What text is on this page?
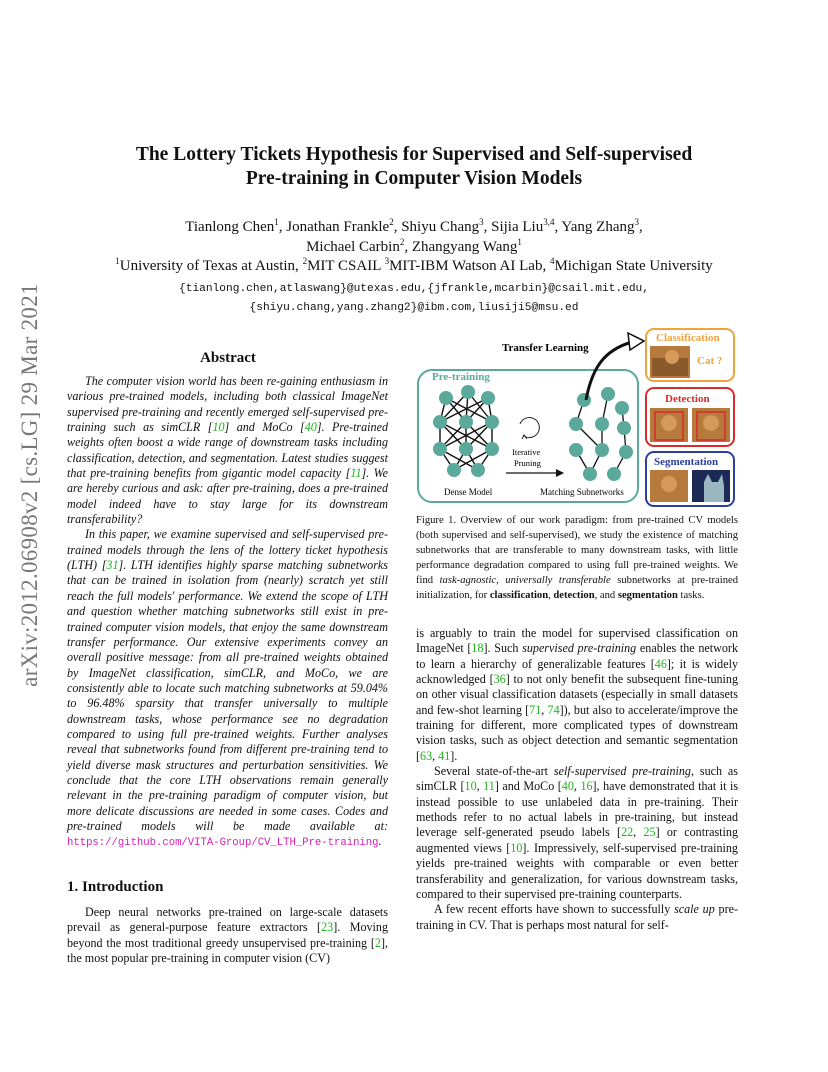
arXiv:2012.06908v2 [cs.LG] 29 Mar 2021
The Lottery Tickets Hypothesis for Supervised and Self-supervised
Pre-training in Computer Vision Models
Tianlong Chen$^1$, Jonathan Frankle$^2$, Shiyu Chang$^3$, Sijia Liu$^{3,4}$, Yang Zhang$^3$,
Michael Carbin$^2$, Zhangyang Wang$^1$
$^1$University of Texas at Austin, $^2$MIT CSAIL $^3$MIT-IBM Watson AI Lab, $^4$Michigan State University
{tianlong.chen,atlaswang}@utexas.edu,{jfrankle,mcarbin}@csail.mit.edu,
{shiyu.chang,yang.zhang2}@ibm.com,liusiji5@msu.ed
Abstract

The computer vision world has been re-gaining enthusiasm in various pre-trained models, including both classical ImageNet supervised pre-training and recently emerged self-supervised pre-training such as simCLR [10] and MoCo [40]. Pre-trained weights often boost a wide range of downstream tasks including classification, detection, and segmentation. Latest studies suggest that pre-training benefits from gigantic model capacity [11]. We are hereby curious and ask: after pre-training, does a pre-trained model indeed have to stay large for its downstream transferability?

In this paper, we examine supervised and self-supervised pre-trained models through the lens of the lottery ticket hypothesis (LTH) [31]. LTH identifies highly sparse matching subnetworks that can be trained in isolation from (nearly) scratch yet still reach the full models' performance. We extend the scope of LTH and question whether matching subnetworks still exist in pre-trained computer vision models, that enjoy the same downstream transfer performance. Our extensive experiments convey an overall positive message: from all pre-trained weights obtained by ImageNet classification, simCLR, and MoCo, we are consistently able to locate such matching subnetworks at 59.04% to 96.48% sparsity that transfer universally to multiple downstream tasks, whose performance see no degradation compared to using full pre-trained weights. Further analyses reveal that subnetworks found from different pre-training tend to yield diverse mask structures and perturbation sensitivities. We conclude that the core LTH observations remain generally relevant in the pre-training paradigm of computer vision, but more delicate discussions are needed in some cases. Codes and pre-trained models will be made available at: https://github.com/VITA-Group/CV_LTH_Pre-training.

1. Introduction

Deep neural networks pre-trained on large-scale datasets prevail as general-purpose feature extractors [23]. Moving beyond the most traditional greedy unsupervised pre-training [2], the most popular pre-training in computer vision (CV)

Pre-training
Iterative
Pruning
Dense Model	Matching Subnetworks
Transfer Learning
Classification
Cat ?
Detection
Segmentation

Figure 1. Overview of our work paradigm: from pre-trained CV models (both supervised and self-supervised), we study the existence of matching subnetworks that are transferable to many downstream tasks, with little performance degradation compared to using full pre-trained weights. We find task-agnostic, universally transferable subnetworks at pre-trained initialization, for classification, detection, and segmentation tasks.

is arguably to train the model for supervised classification on ImageNet [18]. Such supervised pre-training enables the network to learn a hierarchy of generalizable features [46]; it is widely acknowledged [36] to not only benefit the subsequent fine-tuning on other visual classification datasets (especially in small datasets and few-shot learning [71, 74]), but also to accelerate/improve the training for different, more complicated types of downstream vision tasks, such as object detection and semantic segmentation [63, 41].

Several state-of-the-art self-supervised pre-training, such as simCLR [10, 11] and MoCo [40, 16], have demonstrated that it is instead possible to use unlabeled data in pre-training. Their methods refer to no actual labels in pre-training, but instead leverage self-generated pseudo labels [22, 25] or contrasting augmented views [10]. Impressively, self-supervised pre-training yields pre-trained weights with comparable or even better transferability and generalization, for various downstream tasks, compared to their supervised pre-training counterparts.

A few recent efforts have shown to successfully scale up pre-training in CV. That is perhaps most natural for self-
